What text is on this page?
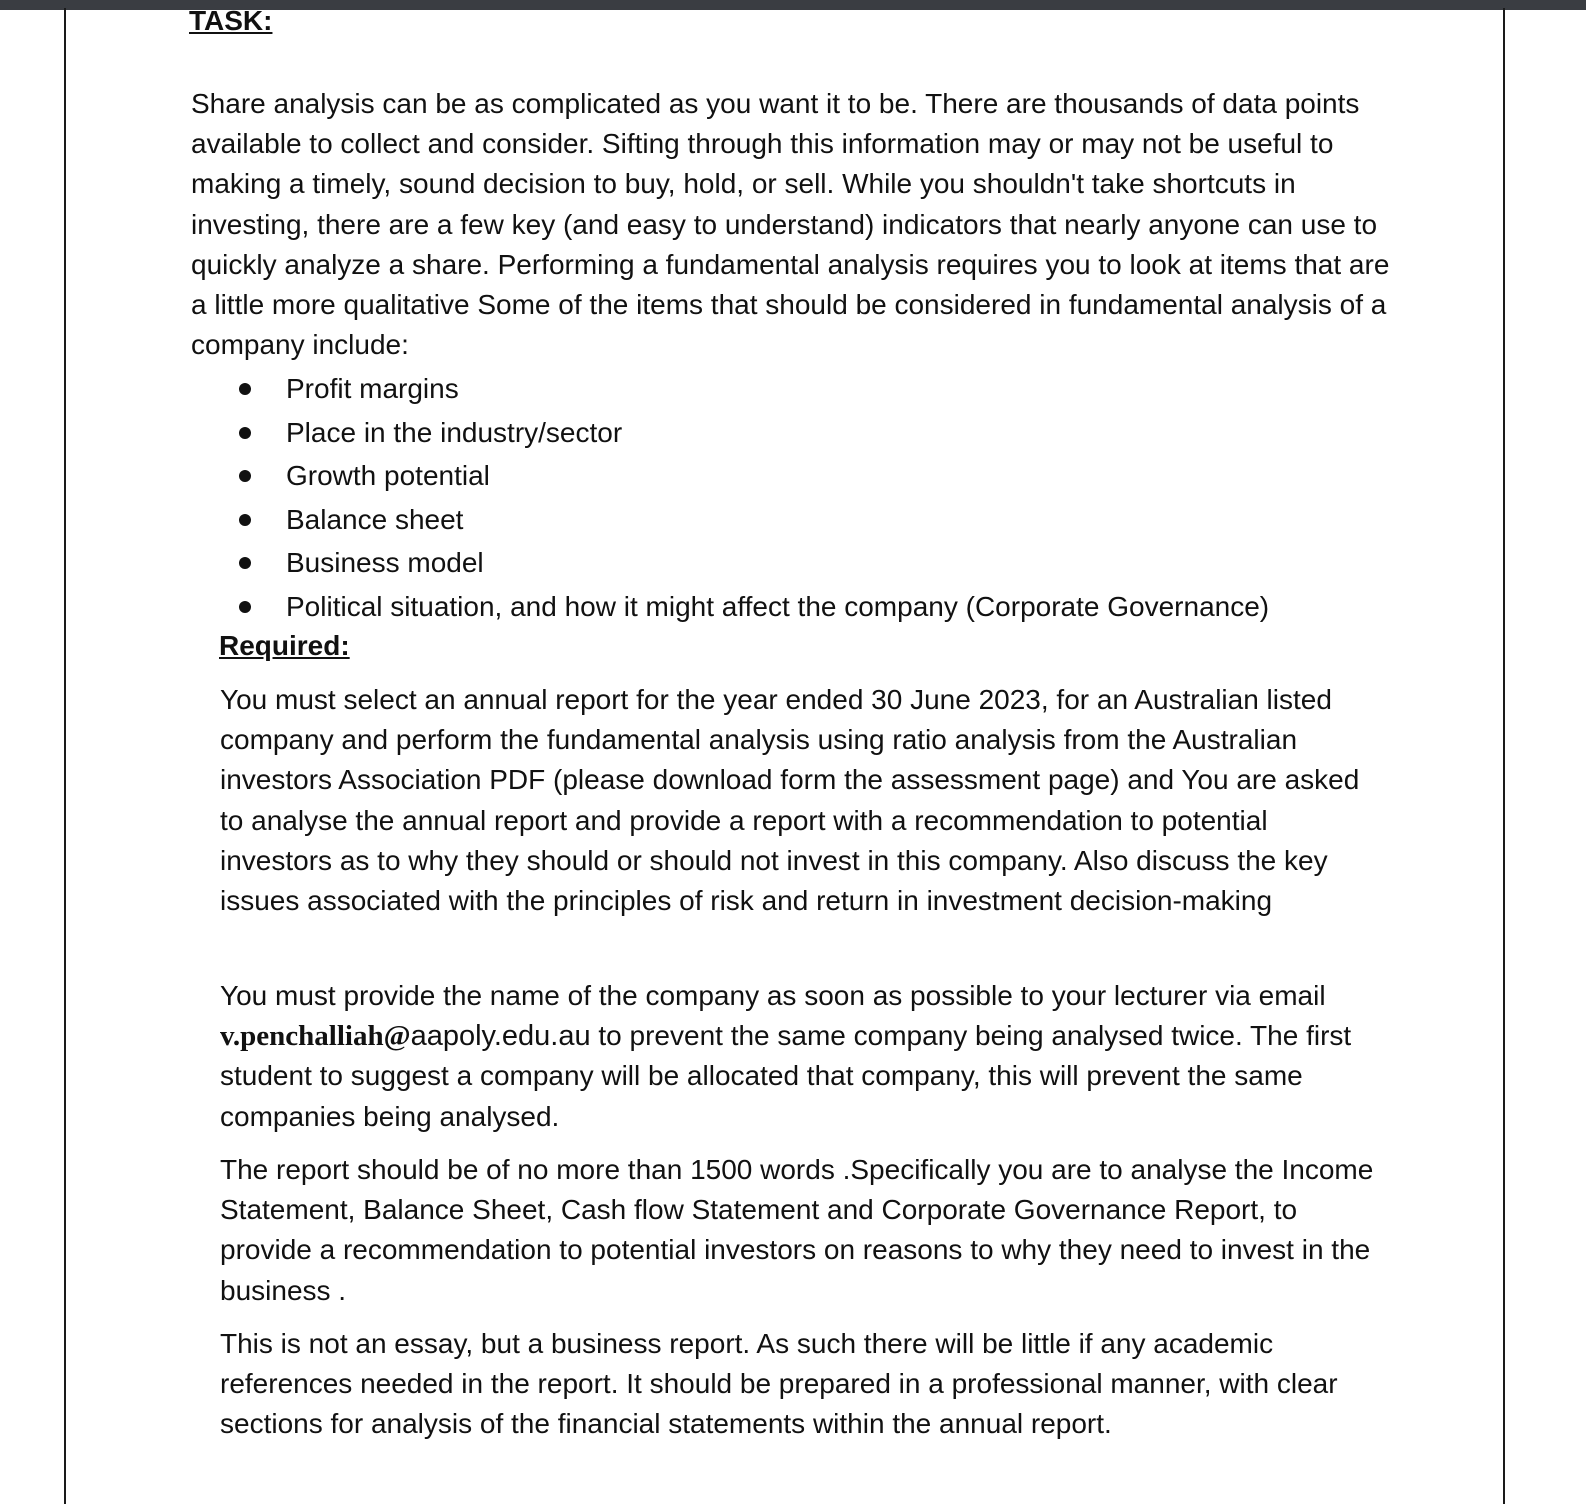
TASK:

Share analysis can be as complicated as you want it to be. There are thousands of data points available to collect and consider. Sifting through this information may or may not be useful to making a timely, sound decision to buy, hold, or sell. While you shouldn't take shortcuts in investing, there are a few key (and easy to understand) indicators that nearly anyone can use to quickly analyze a share. Performing a fundamental analysis requires you to look at items that are a little more qualitative Some of the items that should be considered in fundamental analysis of a company include:

Profit margins
Place in the industry/sector
Growth potential
Balance sheet
Business model
Political situation, and how it might affect the company (Corporate Governance)
Required:

You must select an annual report for the year ended 30 June 2023, for an Australian listed company and perform the fundamental analysis using ratio analysis from the Australian investors Association PDF (please download form the assessment page) and You are asked to analyse the annual report and provide a report with a recommendation to potential investors as to why they should or should not invest in this company. Also discuss the key issues associated with the principles of risk and return in investment decision-making

You must provide the name of the company as soon as possible to your lecturer via email v.penchalliah@aapoly.edu.au to prevent the same company being analysed twice. The first student to suggest a company will be allocated that company, this will prevent the same companies being analysed.

The report should be of no more than 1500 words .Specifically you are to analyse the Income Statement, Balance Sheet, Cash flow Statement and Corporate Governance Report, to provide a recommendation to potential investors on reasons to why they need to invest in the business .

This is not an essay, but a business report. As such there will be little if any academic references needed in the report. It should be prepared in a professional manner, with clear sections for analysis of the financial statements within the annual report.
